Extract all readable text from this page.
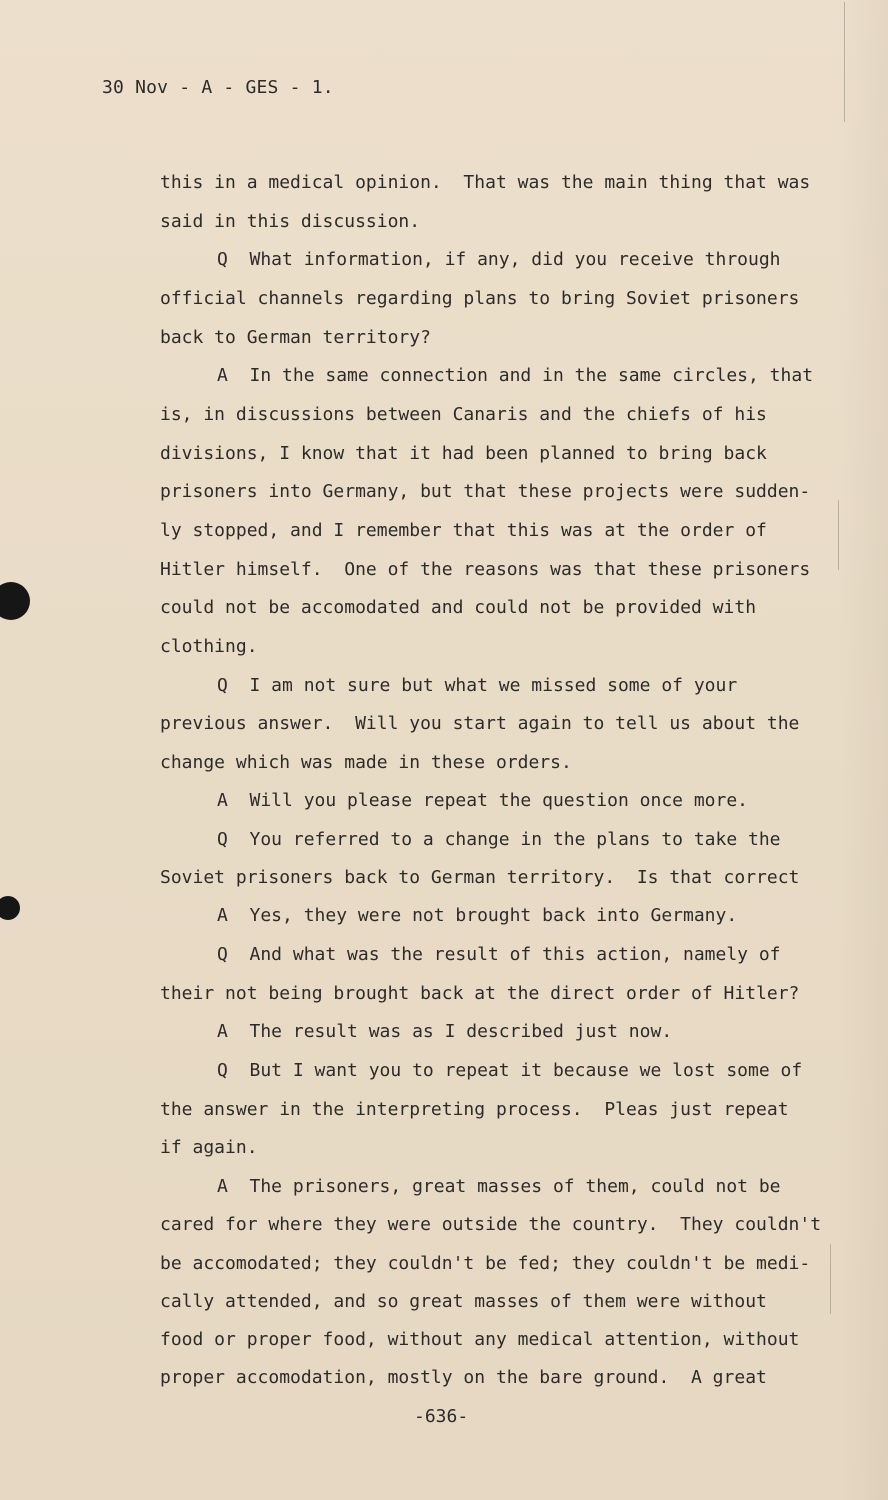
30 Nov - A - GES - 1.
this in a medical opinion.  That was the main thing that was
said in this discussion.
Q  What information, if any, did you receive through
official channels regarding plans to bring Soviet prisoners
back to German territory?
A  In the same connection and in the same circles, that
is, in discussions between Canaris and the chiefs of his
divisions, I know that it had been planned to bring back
prisoners into Germany, but that these projects were sudden-
ly stopped, and I remember that this was at the order of
Hitler himself.  One of the reasons was that these prisoners
could not be accomodated and could not be provided with
clothing.
Q  I am not sure but what we missed some of your
previous answer.  Will you start again to tell us about the
change which was made in these orders.
A  Will you please repeat the question once more.
Q  You referred to a change in the plans to take the
Soviet prisoners back to German territory.  Is that correct
A  Yes, they were not brought back into Germany.
Q  And what was the result of this action, namely of
their not being brought back at the direct order of Hitler?
A  The result was as I described just now.
Q  But I want you to repeat it because we lost some of
the answer in the interpreting process.  Pleas just repeat
if again.
A  The prisoners, great masses of them, could not be
cared for where they were outside the country.  They couldn't
be accomodated; they couldn't be fed; they couldn't be medi-
cally attended, and so great masses of them were without
food or proper food, without any medical attention, without
proper accomodation, mostly on the bare ground.  A great
-636-
